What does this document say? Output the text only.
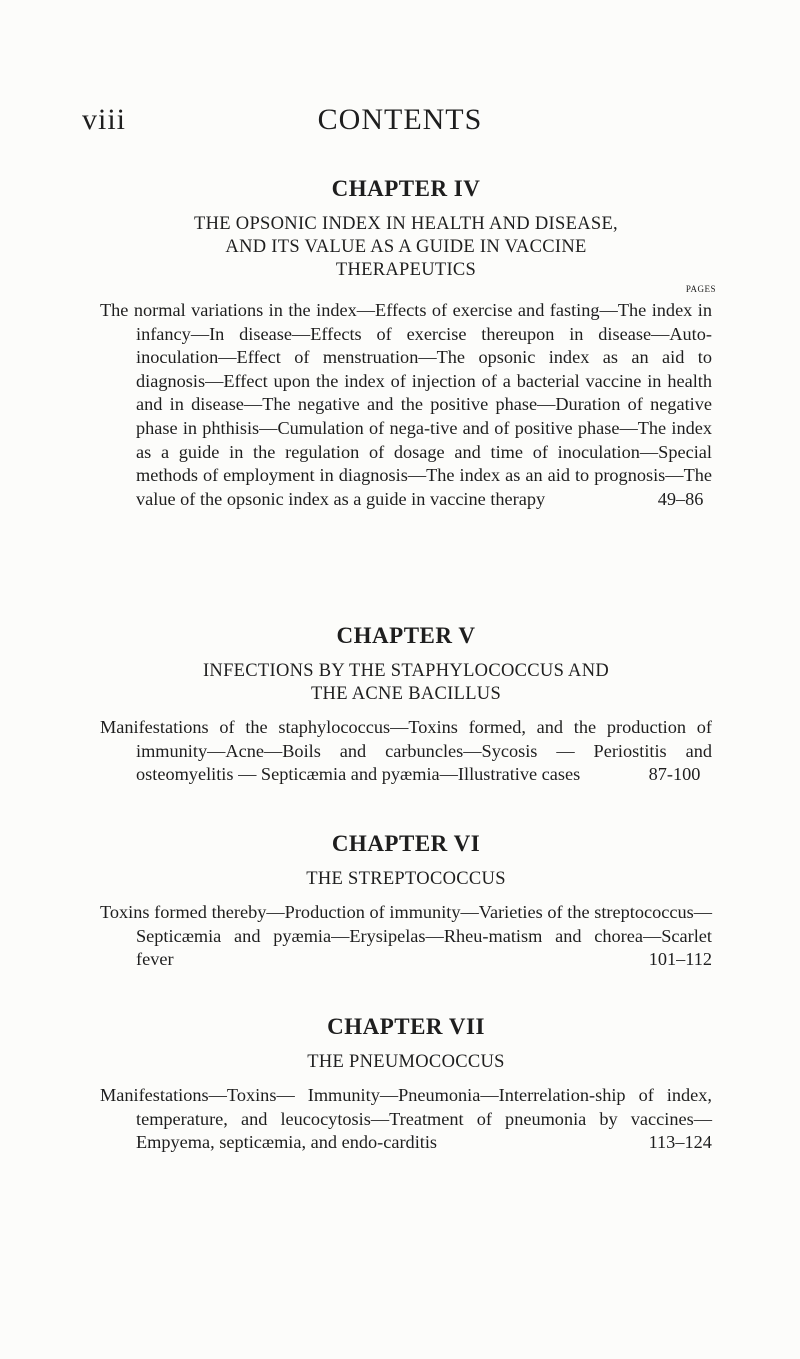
viii	CONTENTS
CHAPTER IV
THE OPSONIC INDEX IN HEALTH AND DISEASE,
AND ITS VALUE AS A GUIDE IN VACCINE
THERAPEUTICS
PAGES
The normal variations in the index—Effects of exercise and fasting—The index in infancy—In disease—Effects of exercise thereupon in disease—Auto-inoculation—Effect of menstruation—The opsonic index as an aid to diagnosis—Effect upon the index of injection of a bacterial vaccine in health and in disease—The negative and the positive phase—Duration of negative phase in phthisis—Cumulation of nega-tive and of positive phase—The index as a guide in the regulation of dosage and time of inoculation—Special methods of employment in diagnosis—The index as an aid to prognosis—The value of the opsonic index as a guide in vaccine therapy	49–86
CHAPTER V
INFECTIONS BY THE STAPHYLOCOCCUS AND
THE ACNE BACILLUS
Manifestations of the staphylococcus—Toxins formed, and the production of immunity—Acne—Boils and carbuncles—Sycosis — Periostitis and osteomyelitis — Septicæmia and pyæmia—Illustrative cases	87-100
CHAPTER VI
THE STREPTOCOCCUS
Toxins formed thereby—Production of immunity—Varieties of the streptococcus—Septicæmia and pyæmia—Erysipelas—Rheu-matism and chorea—Scarlet fever	101–112
CHAPTER VII
THE PNEUMOCOCCUS
Manifestations—Toxins— Immunity—Pneumonia—Interrelation-ship of index, temperature, and leucocytosis—Treatment of pneumonia by vaccines—Empyema, septicæmia, and endo-carditis	113–124
